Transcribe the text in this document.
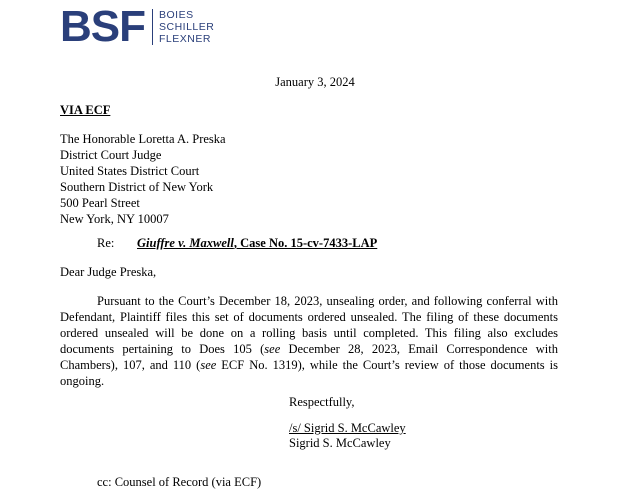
BSF BOIES
SCHILLER
FLEXNER
January 3, 2024
VIA ECF
The Honorable Loretta A. Preska
District Court Judge
United States District Court
Southern District of New York
500 Pearl Street
New York, NY 10007
Re:	Giuffre v. Maxwell, Case No. 15-cv-7433-LAP
Dear Judge Preska,

Pursuant to the Court’s December 18, 2023, unsealing order, and following conferral with Defendant, Plaintiff files this set of documents ordered unsealed. The filing of these documents ordered unsealed will be done on a rolling basis until completed. This filing also excludes documents pertaining to Does 105 (see December 28, 2023, Email Correspondence with Chambers), 107, and 110 (see ECF No. 1319), while the Court’s review of those documents is ongoing.

Respectfully,
/s/ Sigrid S. McCawley
Sigrid S. McCawley
cc: Counsel of Record (via ECF)
